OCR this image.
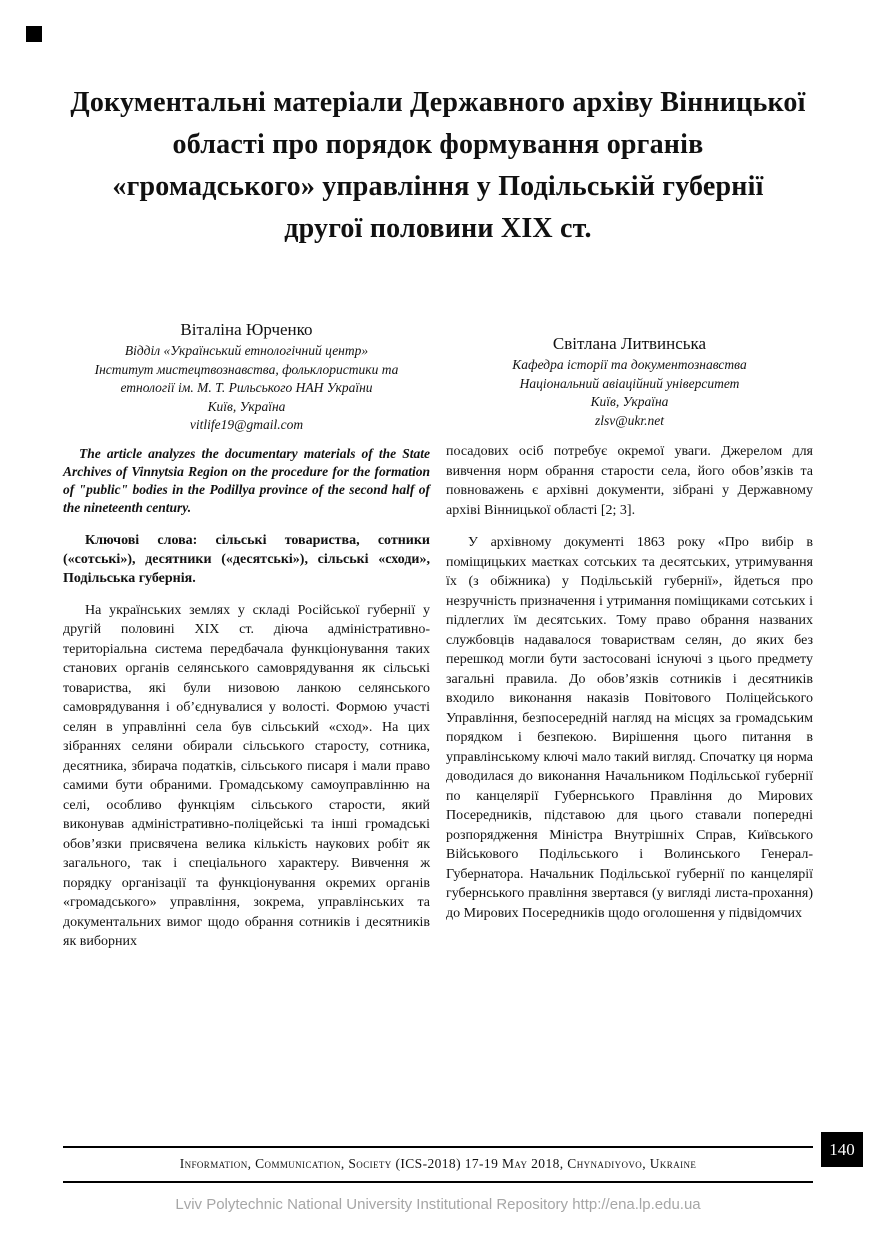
Документальні матеріали Державного архіву Вінницької області про порядок формування органів «громадського» управління у Подільській губернії другої половини XIX ст.
Віталіна Юрченко
Відділ «Український етнологічний центр»
Інститут мистецтвознавства, фольклористики та
етнології ім. М. Т. Рильського НАН України
Київ, Україна
vitlife19@gmail.com

The article analyzes the documentary materials of the State Archives of Vinnytsia Region on the procedure for the formation of "public" bodies in the Podillya province of the second half of the nineteenth century.

Ключові слова: сільські товариства, сотники («сотські»), десятники («десятські»), сільські «сходи», Подільська губернія.

На українських землях у складі Російської губернії у другій половині XIX ст. діюча адміністративно-територіальна система передбачала функціонування таких станових органів селянського самоврядування як сільські товариства, які були низовою ланкою селянського самоврядування і об’єднувалися у волості. Формою участі селян в управлінні села був сільський «сход». На цих зібраннях селяни обирали сільського старосту, сотника, десятника, збирача податків, сільського писаря і мали право самими бути обраними. Громадському самоуправлінню на селі, особливо функціям сільського старости, який виконував адміністративно-поліцейські та інші громадські обов’язки присвячена велика кількість наукових робіт як загального, так і спеціального характеру. Вивчення ж порядку організації та функціонування окремих органів «громадського» управління, зокрема, управлінських та документальних вимог щодо обрання сотників і десятників як виборних

Світлана Литвинська
Кафедра історії та документознавства
Національний авіаційний університет
Київ, Україна
zlsv@ukr.net

посадових осіб потребує окремої уваги. Джерелом для вивчення норм обрання старости села, його обов’язків та повноважень є архівні документи, зібрані у Державному архіві Вінницької області [2; 3].

У архівному документі 1863 року «Про вибір в поміщицьких маєтках сотських та десятських, утримування їх (з обіжника) у Подільській губернії», йдеться про незручність призначення і утримання поміщиками сотських і підлеглих їм десятських. Тому право обрання названих службовців надавалося товариствам селян, до яких без перешкод могли бути застосовані існуючі з цього предмету загальні правила. До обов’язків сотників і десятників входило виконання наказів Повітового Поліцейського Управління, безпосередній нагляд на місцях за громадським порядком і безпекою. Вирішення цього питання в управлінському ключі мало такий вигляд. Спочатку ця норма доводилася до виконання Начальником Подільської губернії по канцелярії Губернського Правління до Мирових Посередників, підставою для цього ставали попередні розпорядження Міністра Внутрішніх Справ, Київського Військового Подільського і Волинського Генерал-Губернатора. Начальник Подільської губернії по канцелярії губернського правління звертався (у вигляді листа-прохання) до Мирових Посередників щодо оголошення у підвідомчих

Information, Communication, Society (ICS-2018) 17-19 May 2018, Chynadiyovo, Ukraine
140
Lviv Polytechnic National University Institutional Repository http://ena.lp.edu.ua
